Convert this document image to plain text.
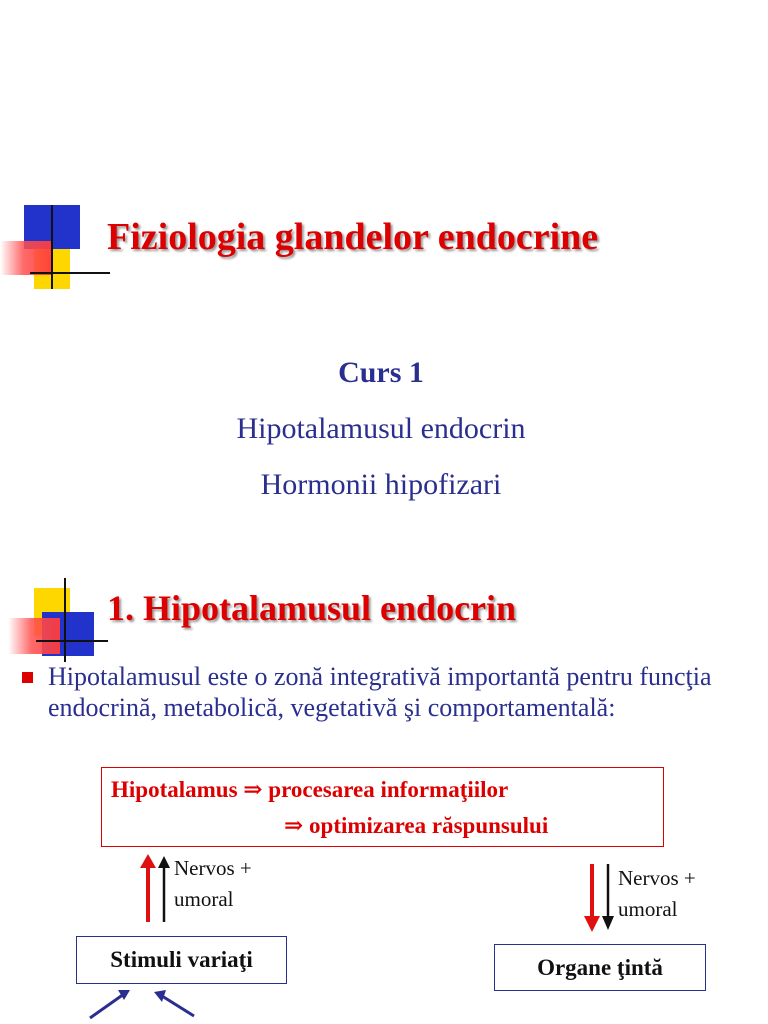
Fiziologia glandelor endocrine
Curs 1
Hipotalamusul endocrin
Hormonii hipofizari
1. Hipotalamusul endocrin
Hipotalamusul este o zonă integrativă importantă pentru funcţia endocrină, metabolică, vegetativă şi comportamentală:
Hipotalamus ⇒ procesarea informaţiilor
⇒ optimizarea răspunsului
Nervos +
umoral
Nervos +
umoral
Stimuli variaţi	Organe ţintă
